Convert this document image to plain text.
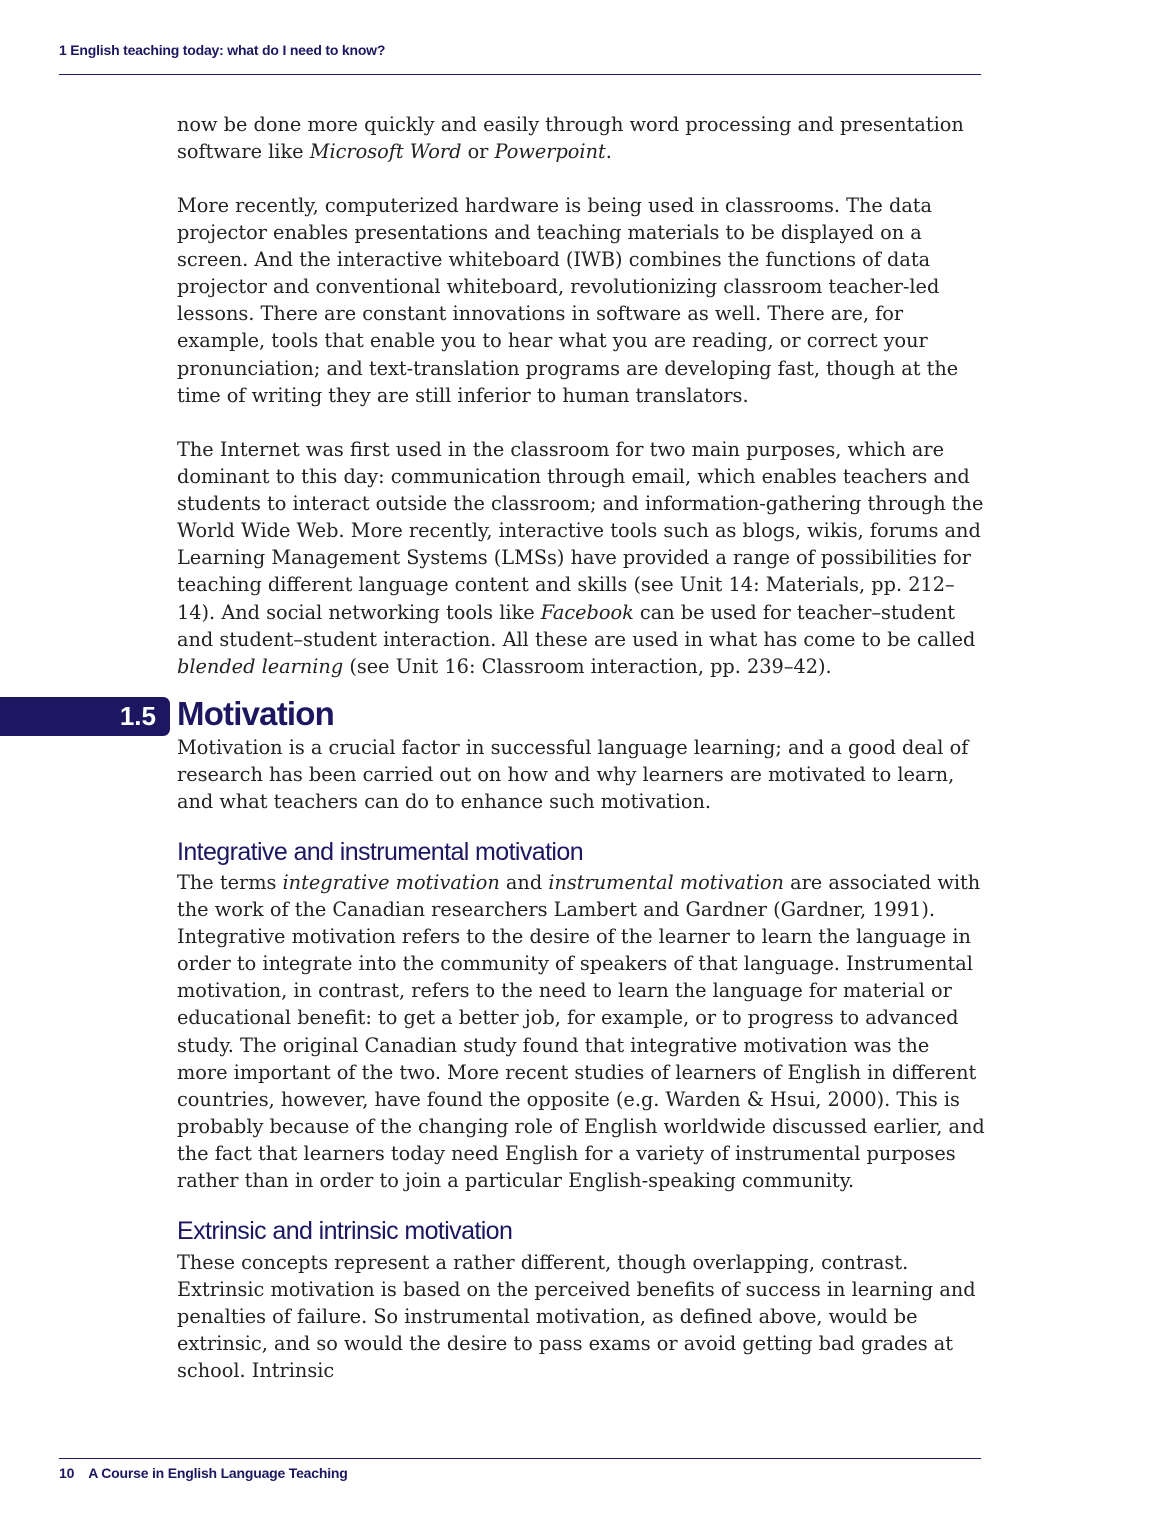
1 English teaching today: what do I need to know?

now be done more quickly and easily through word processing and presentation software like Microsoft Word or Powerpoint.

More recently, computerized hardware is being used in classrooms. The data projector enables presentations and teaching materials to be displayed on a screen. And the interactive whiteboard (IWB) combines the functions of data projector and conventional whiteboard, revolutionizing classroom teacher-led lessons. There are constant innovations in software as well. There are, for example, tools that enable you to hear what you are reading, or correct your pronunciation; and text-translation programs are developing fast, though at the time of writing they are still inferior to human translators.

The Internet was first used in the classroom for two main purposes, which are dominant to this day: communication through email, which enables teachers and students to interact outside the classroom; and information-gathering through the World Wide Web. More recently, interactive tools such as blogs, wikis, forums and Learning Management Systems (LMSs) have provided a range of possibilities for teaching different language content and skills (see Unit 14: Materials, pp. 212–14). And social networking tools like Facebook can be used for teacher–student and student–student interaction. All these are used in what has come to be called blended learning (see Unit 16: Classroom interaction, pp. 239–42).

1.5 Motivation

Motivation is a crucial factor in successful language learning; and a good deal of research has been carried out on how and why learners are motivated to learn, and what teachers can do to enhance such motivation.

Integrative and instrumental motivation

The terms integrative motivation and instrumental motivation are associated with the work of the Canadian researchers Lambert and Gardner (Gardner, 1991). Integrative motivation refers to the desire of the learner to learn the language in order to integrate into the community of speakers of that language. Instrumental motivation, in contrast, refers to the need to learn the language for material or educational benefit: to get a better job, for example, or to progress to advanced study. The original Canadian study found that integrative motivation was the more important of the two. More recent studies of learners of English in different countries, however, have found the opposite (e.g. Warden & Hsui, 2000). This is probably because of the changing role of English worldwide discussed earlier, and the fact that learners today need English for a variety of instrumental purposes rather than in order to join a particular English-speaking community.

Extrinsic and intrinsic motivation

These concepts represent a rather different, though overlapping, contrast. Extrinsic motivation is based on the perceived benefits of success in learning and penalties of failure. So instrumental motivation, as defined above, would be extrinsic, and so would the desire to pass exams or avoid getting bad grades at school. Intrinsic

10 A Course in English Language Teaching
